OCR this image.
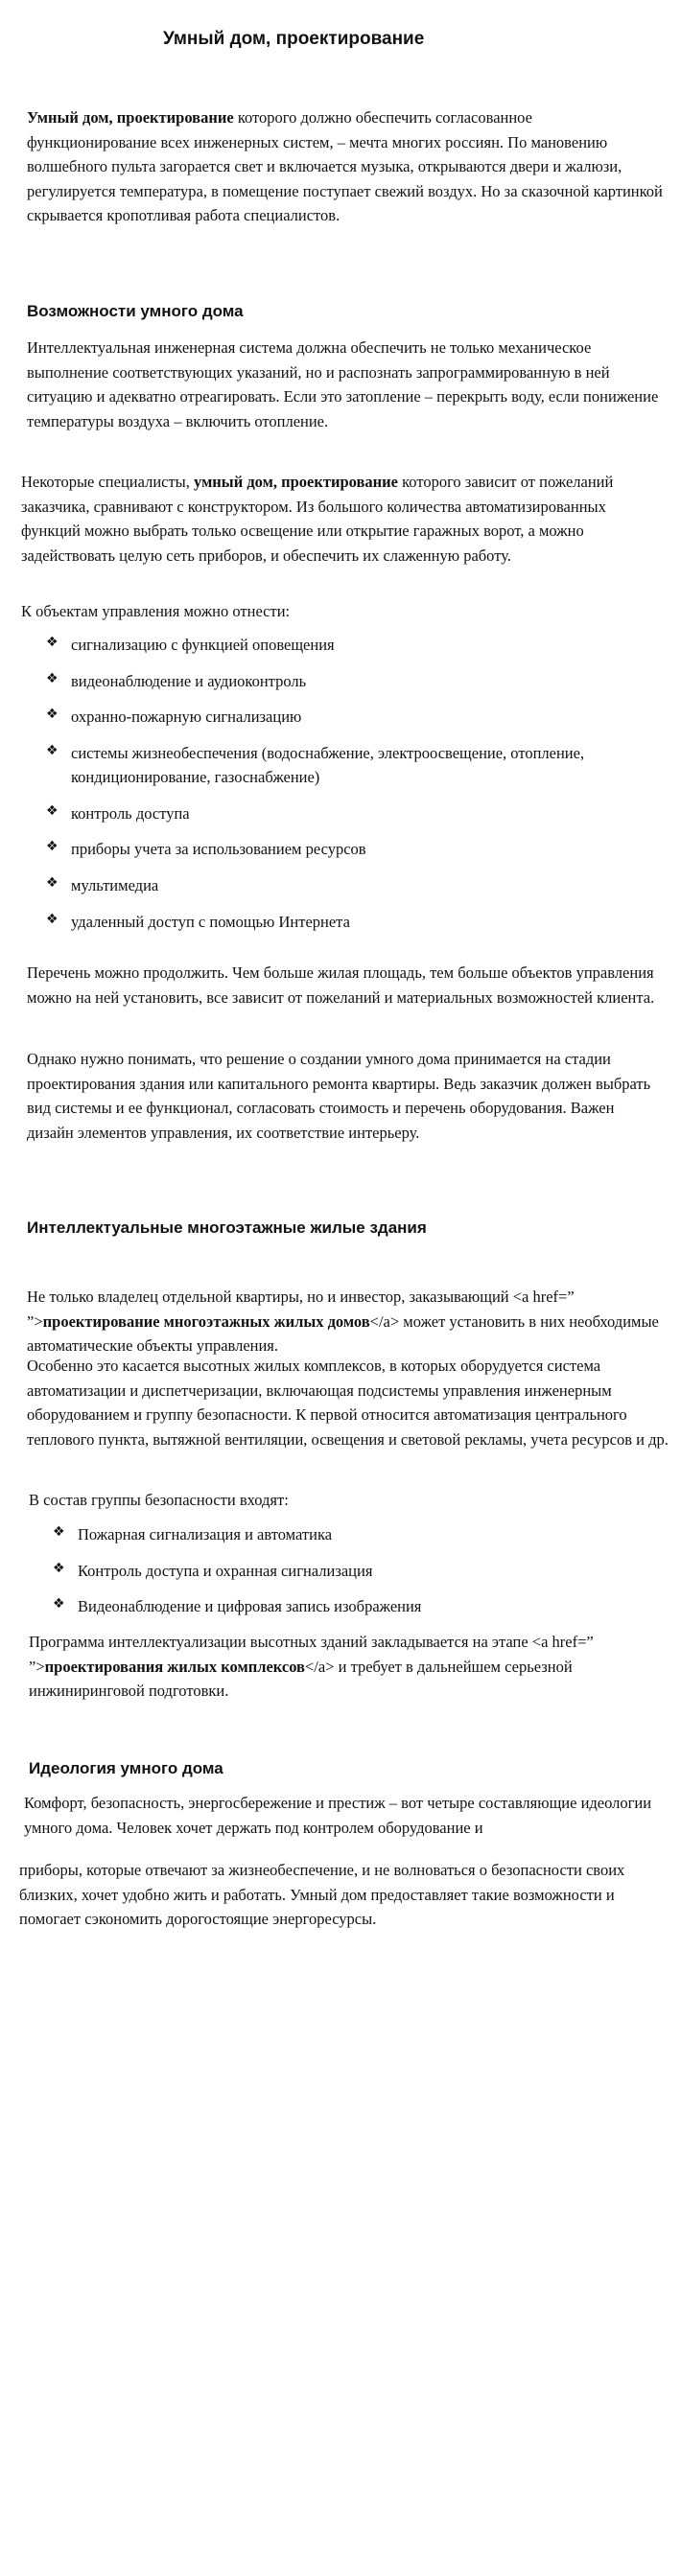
Умный дом, проектирование

Умный дом, проектирование которого должно обеспечить согласованное функционирование всех инженерных систем, – мечта многих россиян. По мановению волшебного пульта загорается свет и включается музыка, открываются двери и жалюзи, регулируется температура, в помещение поступает свежий воздух. Но за сказочной картинкой скрывается кропотливая работа специалистов.

Возможности умного дома

Интеллектуальная инженерная система должна обеспечить не только механическое выполнение соответствующих указаний, но и распознать запрограммированную в ней ситуацию и адекватно отреагировать. Если это затопление – перекрыть воду, если понижение температуры воздуха – включить отопление.

Некоторые специалисты, умный дом, проектирование которого зависит от пожеланий заказчика, сравнивают с конструктором. Из большого количества автоматизированных функций можно выбрать только освещение или открытие гаражных ворот, а можно задействовать целую сеть приборов, и обеспечить их слаженную работу.

К объектам управления можно отнести:

❖ сигнализацию с функцией оповещения
❖ видеонаблюдение и аудиоконтроль
❖ охранно-пожарную сигнализацию
❖ системы жизнеобеспечения (водоснабжение, электроосвещение, отопление, кондиционирование, газоснабжение)
❖ контроль доступа
❖ приборы учета за использованием ресурсов
❖ мультимедиа
❖ удаленный доступ с помощью Интернета

Перечень можно продолжить. Чем больше жилая площадь, тем больше объектов управления можно на ней установить, все зависит от пожеланий и материальных возможностей клиента.

Однако нужно понимать, что решение о создании умного дома принимается на стадии проектирования здания или капитального ремонта квартиры. Ведь заказчик должен выбрать вид системы и ее функционал, согласовать стоимость и перечень оборудования. Важен дизайн элементов управления, их соответствие интерьеру.

Интеллектуальные многоэтажные жилые здания

Не только владелец отдельной квартиры, но и инвестор, заказывающий <a href=” ”>проектирование многоэтажных жилых домов</a> может установить в них необходимые автоматические объекты управления.

Особенно это касается высотных жилых комплексов, в которых оборудуется система автоматизации и диспетчеризации, включающая подсистемы управления инженерным оборудованием и группу безопасности. К первой относится автоматизация центрального теплового пункта, вытяжной вентиляции, освещения и световой рекламы, учета ресурсов и др.

В состав группы безопасности входят:

❖ Пожарная сигнализация и автоматика
❖ Контроль доступа и охранная сигнализация
❖ Видеонаблюдение и цифровая запись изображения

Программа интеллектуализации высотных зданий закладывается на этапе <a href=” ”>проектирования жилых комплексов</a> и требует в дальнейшем серьезной инжиниринговой подготовки.

Идеология умного дома

Комфорт, безопасность, энергосбережение и престиж – вот четыре составляющие идеологии умного дома. Человек хочет держать под контролем оборудование и

приборы, которые отвечают за жизнеобеспечение, и не волноваться о безопасности своих близких, хочет удобно жить и работать. Умный дом предоставляет такие возможности и помогает сэкономить дорогостоящие энергоресурсы.
